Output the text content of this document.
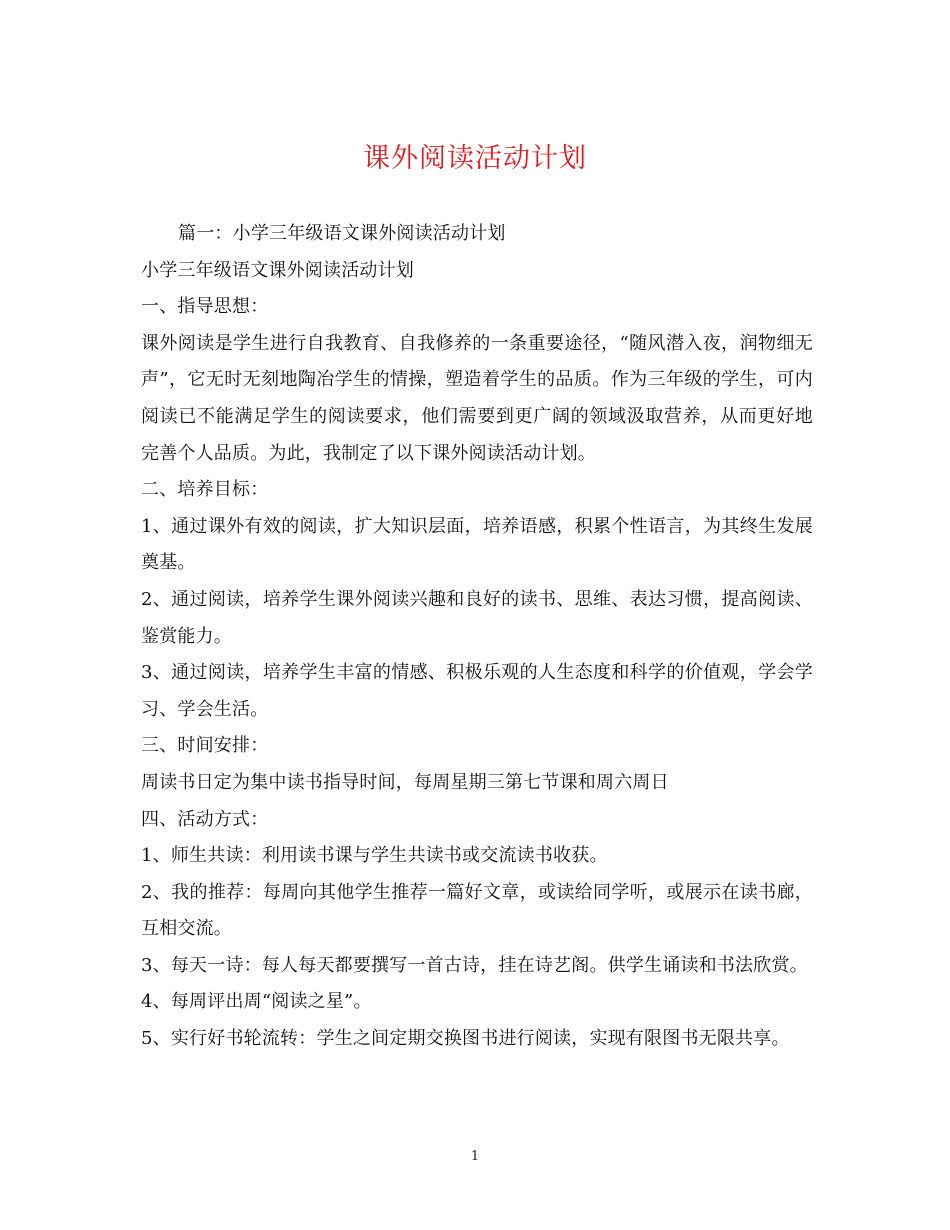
课外阅读活动计划

篇一：小学三年级语文课外阅读活动计划

小学三年级语文课外阅读活动计划

一、指导思想：

课外阅读是学生进行自我教育、自我修养的一条重要途径，“随风潜入夜，润物细无声”，它无时无刻地陶冶学生的情操，塑造着学生的品质。作为三年级的学生，可内阅读已不能满足学生的阅读要求，他们需要到更广阔的领域汲取营养，从而更好地完善个人品质。为此，我制定了以下课外阅读活动计划。

二、培养目标：

1、通过课外有效的阅读，扩大知识层面，培养语感，积累个性语言，为其终生发展奠基。

2、通过阅读，培养学生课外阅读兴趣和良好的读书、思维、表达习惯，提高阅读、鉴赏能力。

3、通过阅读，培养学生丰富的情感、积极乐观的人生态度和科学的价值观，学会学习、学会生活。

三、时间安排：

周读书日定为集中读书指导时间，每周星期三第七节课和周六周日

四、活动方式：

1、师生共读：利用读书课与学生共读书或交流读书收获。

2、我的推荐：每周向其他学生推荐一篇好文章，或读给同学听，或展示在读书廊，互相交流。

3、每天一诗：每人每天都要撰写一首古诗，挂在诗艺阁。供学生诵读和书法欣赏。

4、每周评出周“阅读之星”。

5、实行好书轮流转：学生之间定期交换图书进行阅读，实现有限图书无限共享。

1
